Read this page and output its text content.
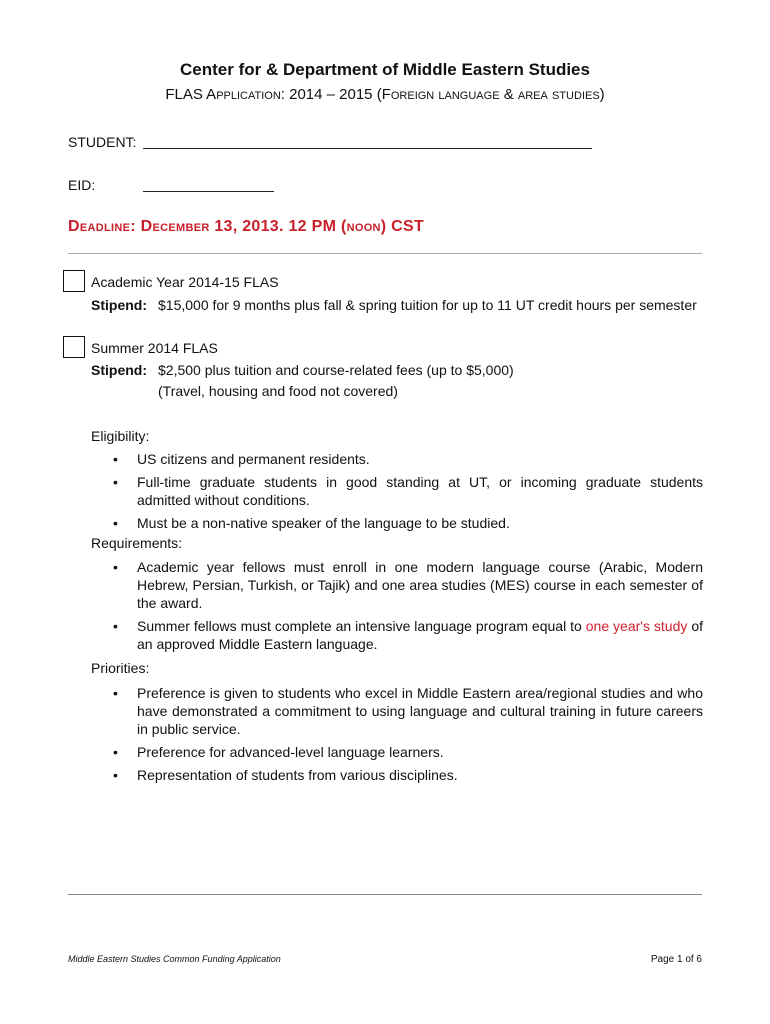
Center for & Department of Middle Eastern Studies
FLAS Application: 2014 – 2015 (Foreign language & area studies)
STUDENT:
EID:
Deadline: December 13, 2013. 12 PM (noon) CST
Academic Year 2014-15 FLAS
Stipend: $15,000 for 9 months plus fall & spring tuition for up to 11 UT credit hours per semester
Summer 2014 FLAS
Stipend: $2,500 plus tuition and course-related fees (up to $5,000)
(Travel, housing and food not covered)
Eligibility:
• US citizens and permanent residents.
• Full-time graduate students in good standing at UT, or incoming graduate students admitted without conditions.
• Must be a non-native speaker of the language to be studied.
Requirements:
• Academic year fellows must enroll in one modern language course (Arabic, Modern Hebrew, Persian, Turkish, or Tajik) and one area studies (MES) course in each semester of the award.
• Summer fellows must complete an intensive language program equal to one year's study of an approved Middle Eastern language.
Priorities:
• Preference is given to students who excel in Middle Eastern area/regional studies and who have demonstrated a commitment to using language and cultural training in future careers in public service.
• Preference for advanced-level language learners.
• Representation of students from various disciplines.
Middle Eastern Studies Common Funding Application	Page 1 of 6
